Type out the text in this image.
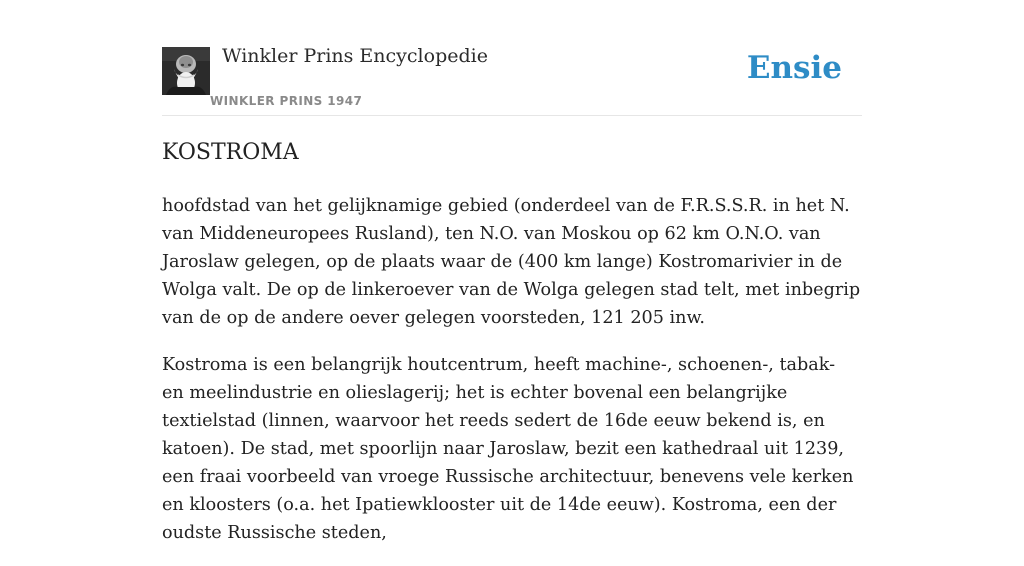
Winkler Prins Encyclopedie
WINKLER PRINS 1947
Ensie
KOSTROMA

hoofdstad van het gelijknamige gebied (onderdeel van de F.R.S.S.R. in het N. van Middeneuropees Rusland), ten N.O. van Moskou op 62 km O.N.O. van Jaroslaw gelegen, op de plaats waar de (400 km lange) Kostromarivier in de Wolga valt. De op de linkeroever van de Wolga gelegen stad telt, met inbegrip van de op de andere oever gelegen voorsteden, 121 205 inw.

Kostroma is een belangrijk houtcentrum, heeft machine-, schoenen-, tabak- en meelindustrie en olieslagerij; het is echter bovenal een belangrijke textielstad (linnen, waarvoor het reeds sedert de 16de eeuw bekend is, en katoen). De stad, met spoorlijn naar Jaroslaw, bezit een kathedraal uit 1239, een fraai voorbeeld van vroege Russische architectuur, benevens vele kerken en kloosters (o.a. het Ipatiewklooster uit de 14de eeuw). Kostroma, een der oudste Russische steden,
